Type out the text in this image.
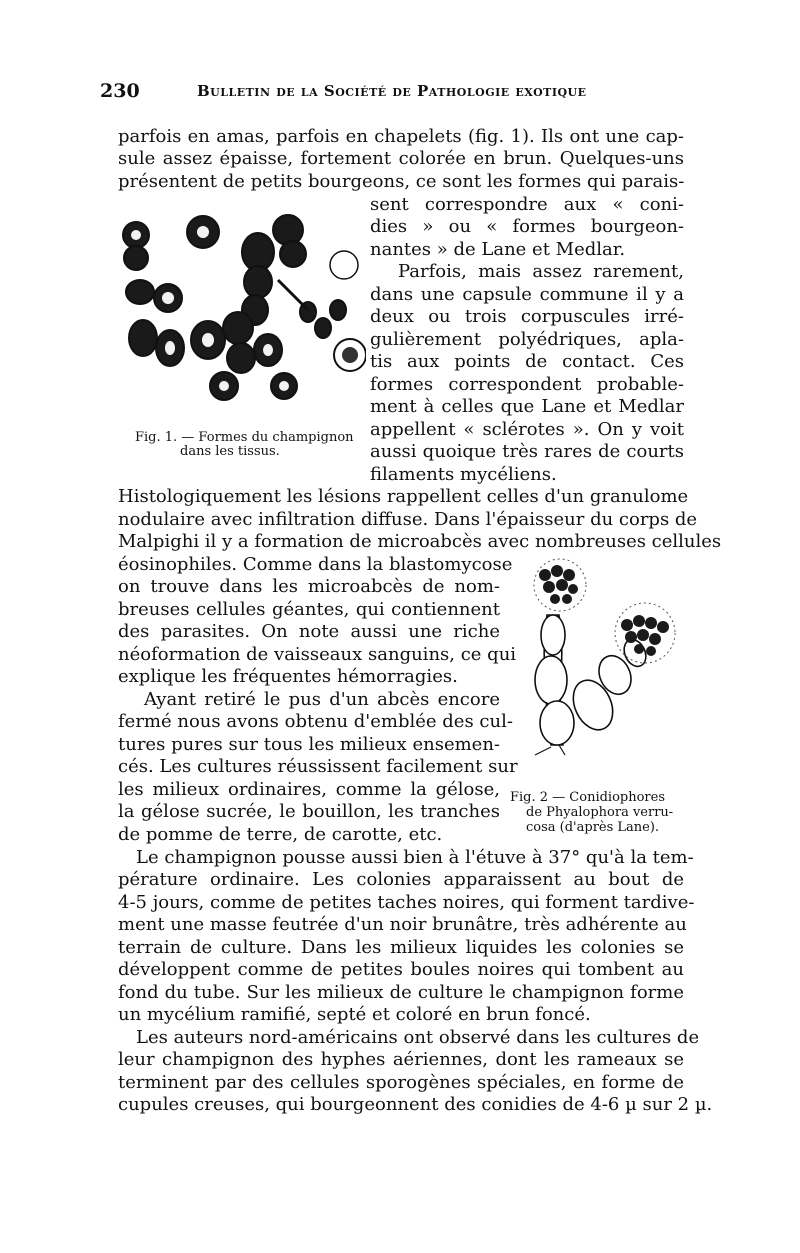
230	Bulletin de la Société de Pathologie exotique
parfois en amas, parfois en chapelets (fig. 1). Ils ont une cap-
sule assez épaisse, fortement colorée en brun. Quelques-uns
présentent de petits bourgeons, ce sont les formes qui parais-
sent correspondre aux « coni-
dies » ou « formes bourgeon-
nantes » de Lane et Medlar.
Parfois, mais assez rarement,
dans une capsule commune il y a
deux ou trois corpuscules irré-
gulièrement polyédriques, apla-
tis aux points de contact. Ces
formes correspondent probable-
ment à celles que Lane et Medlar
appellent « sclérotes ». On y voit
aussi quoique très rares de courts
filaments mycéliens.
Fig. 1. — Formes du champignon
dans les tissus.
Histologiquement les lésions rappellent celles d'un granulome
nodulaire avec infiltration diffuse. Dans l'épaisseur du corps de
Malpighi il y a formation de microabcès avec nombreuses cellules
éosinophiles. Comme dans la blastomycose
on trouve dans les microabcès de nom-
breuses cellules géantes, qui contiennent
des parasites. On note aussi une riche
néoformation de vaisseaux sanguins, ce qui
explique les fréquentes hémorragies.
Ayant retiré le pus d'un abcès encore
fermé nous avons obtenu d'emblée des cul-
tures pures sur tous les milieux ensemen-
cés. Les cultures réussissent facilement sur
les milieux ordinaires, comme la gélose,
la gélose sucrée, le bouillon, les tranches
de pomme de terre, de carotte, etc.
Fig. 2 — Conidiophores
de Phyalophora verru-
cosa (d'après Lane).
Le champignon pousse aussi bien à l'étuve à 37° qu'à la tem-
pérature ordinaire. Les colonies apparaissent au bout de
4-5 jours, comme de petites taches noires, qui forment tardive-
ment une masse feutrée d'un noir brunâtre, très adhérente au
terrain de culture. Dans les milieux liquides les colonies se
développent comme de petites boules noires qui tombent au
fond du tube. Sur les milieux de culture le champignon forme
un mycélium ramifié, septé et coloré en brun foncé.
Les auteurs nord-américains ont observé dans les cultures de
leur champignon des hyphes aériennes, dont les rameaux se
terminent par des cellules sporogènes spéciales, en forme de
cupules creuses, qui bourgeonnent des conidies de 4-6 µ sur 2 µ.
